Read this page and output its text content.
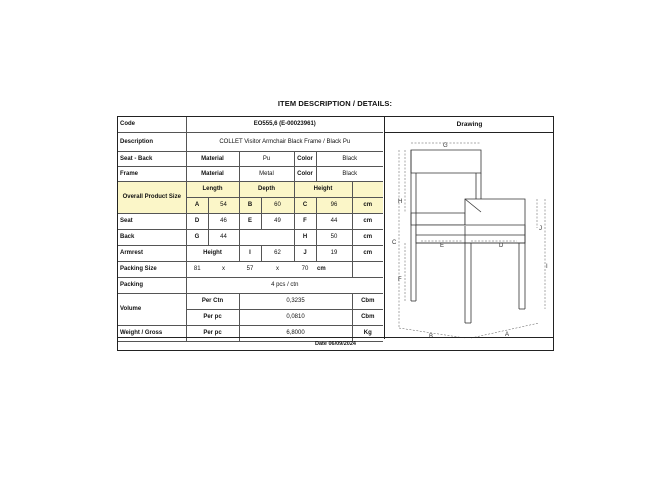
ITEM DESCRIPTION / DETAILS:
Code	EO555,6 (E-00023961)						
Description	COLLET Visitor Armchair Black Frame / Black Pu						
Seat - Back	Material		Pu		Color	Black	
Frame	Material		Metal		Color	Black	
Overall Product Size	Length		Depth		Height		
	A	54	B	60	C	96	cm
Seat	D	46	E	49	F	44	cm
Back	G	44			H	50	cm
Armrest	Height		I	62	J	19	cm
Packing Size	81	x	57	x	70	cm	
Packing	4 pcs / ctn						
Volume	Per Ctn		0,3235				Cbm
	Per pc		0,0810				Cbm
Weight / Gross	Per pc		6,8000				Kg
Drawing
G
H
C
F
E	D
J
I
B	A
Date 06/09/2024
